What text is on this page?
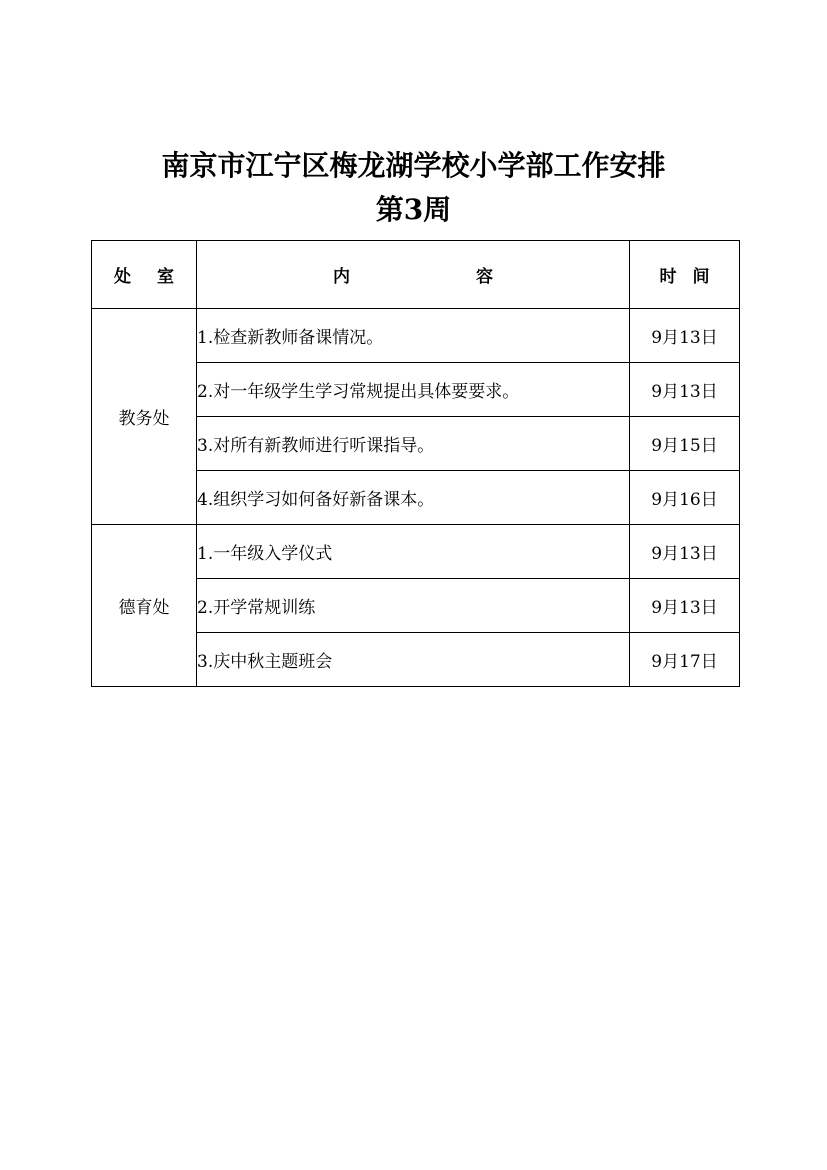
南京市江宁区梅龙湖学校小学部工作安排
第3周
处 室	内 容	时 间

教务处	1.检查新教师备课情况。	9月13日
	2.对一年级学生学习常规提出具体要要求。	9月13日
	3.对所有新教师进行听课指导。	9月15日
	4.组织学习如何备好新备课本。	9月16日
德育处	1.一年级入学仪式	9月13日
	2.开学常规训练	9月13日
	3.庆中秋主题班会	9月17日
